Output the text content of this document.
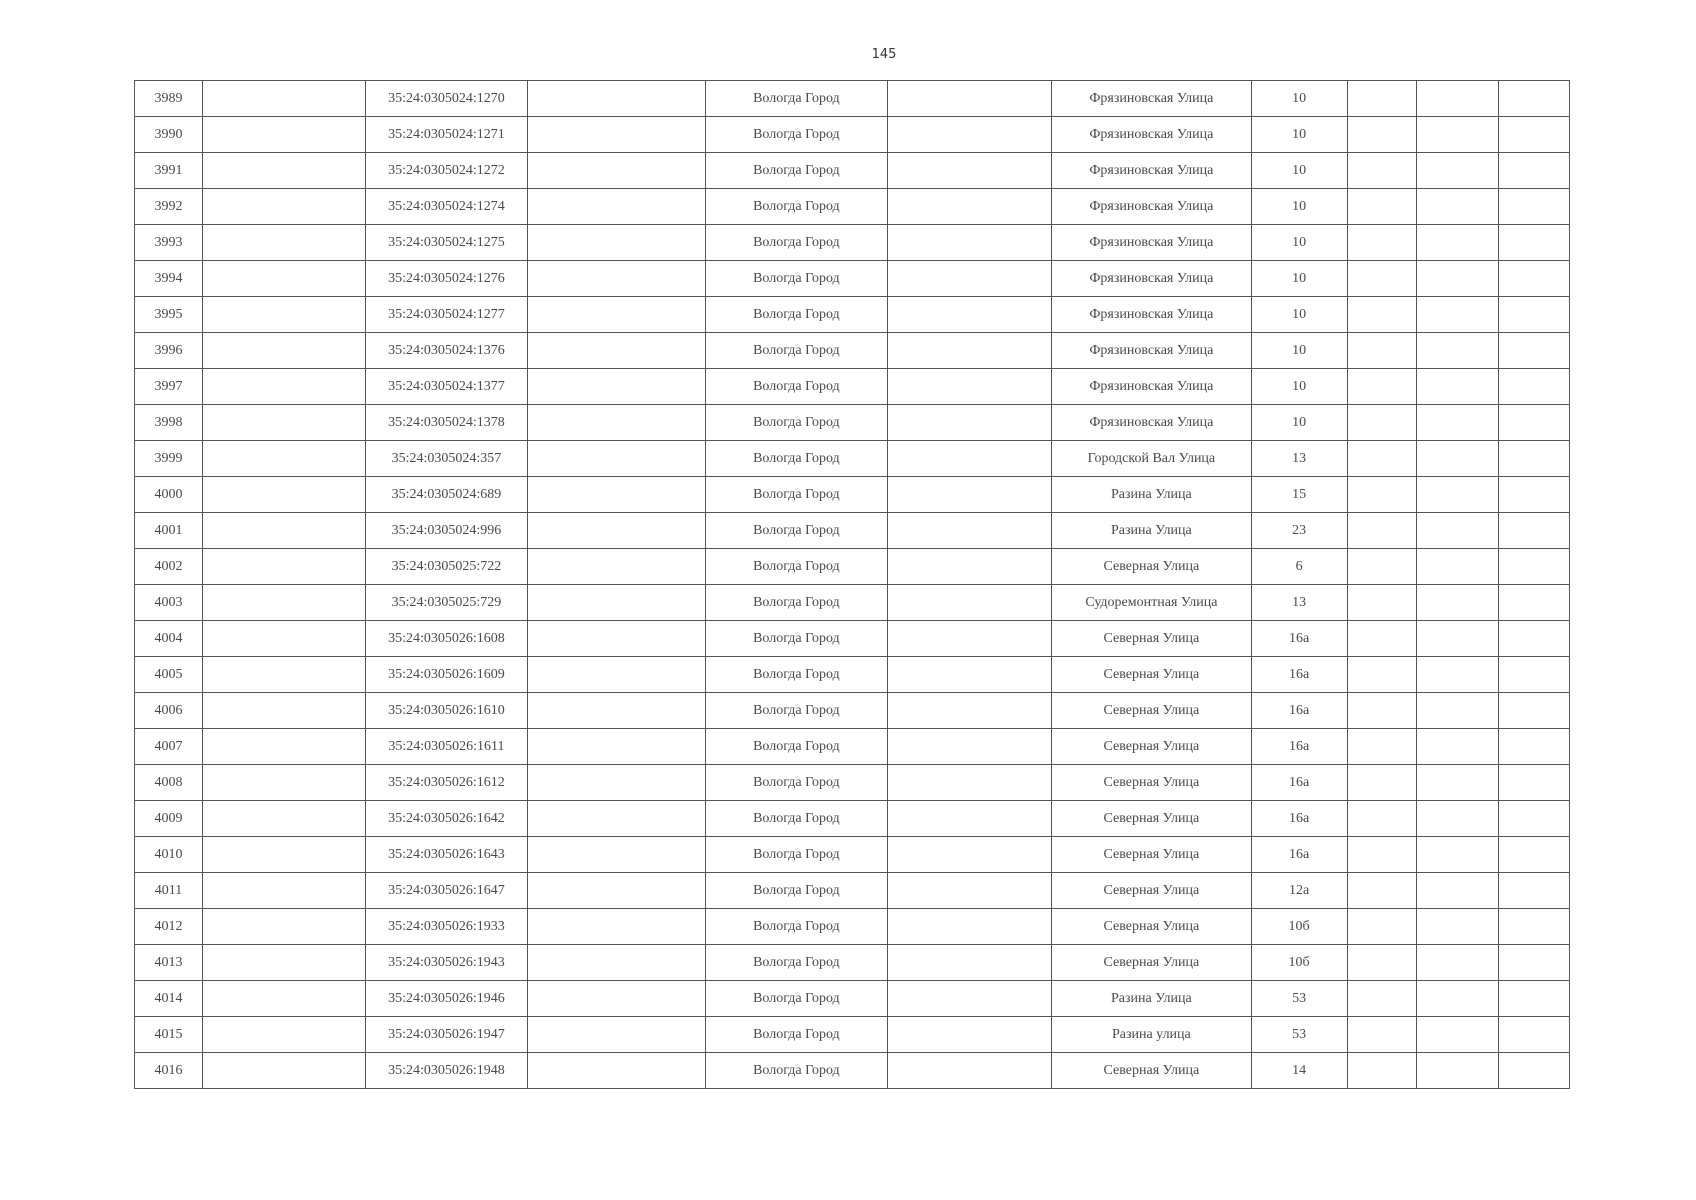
145
3989		35:24:0305024:1270		Вологда Город		Фрязиновская Улица	10			
3990		35:24:0305024:1271		Вологда Город		Фрязиновская Улица	10			
3991		35:24:0305024:1272		Вологда Город		Фрязиновская Улица	10			
3992		35:24:0305024:1274		Вологда Город		Фрязиновская Улица	10			
3993		35:24:0305024:1275		Вологда Город		Фрязиновская Улица	10			
3994		35:24:0305024:1276		Вологда Город		Фрязиновская Улица	10			
3995		35:24:0305024:1277		Вологда Город		Фрязиновская Улица	10			
3996		35:24:0305024:1376		Вологда Город		Фрязиновская Улица	10			
3997		35:24:0305024:1377		Вологда Город		Фрязиновская Улица	10			
3998		35:24:0305024:1378		Вологда Город		Фрязиновская Улица	10			
3999		35:24:0305024:357		Вологда Город		Городской Вал Улица	13			
4000		35:24:0305024:689		Вологда Город		Разина Улица	15			
4001		35:24:0305024:996		Вологда Город		Разина Улица	23			
4002		35:24:0305025:722		Вологда Город		Северная Улица	6			
4003		35:24:0305025:729		Вологда Город		Судоремонтная Улица	13			
4004		35:24:0305026:1608		Вологда Город		Северная Улица	16а			
4005		35:24:0305026:1609		Вологда Город		Северная Улица	16а			
4006		35:24:0305026:1610		Вологда Город		Северная Улица	16а			
4007		35:24:0305026:1611		Вологда Город		Северная Улица	16а			
4008		35:24:0305026:1612		Вологда Город		Северная Улица	16а			
4009		35:24:0305026:1642		Вологда Город		Северная Улица	16а			
4010		35:24:0305026:1643		Вологда Город		Северная Улица	16а			
4011		35:24:0305026:1647		Вологда Город		Северная Улица	12а			
4012		35:24:0305026:1933		Вологда Город		Северная Улица	10б			
4013		35:24:0305026:1943		Вологда Город		Северная Улица	10б			
4014		35:24:0305026:1946		Вологда Город		Разина Улица	53			
4015		35:24:0305026:1947		Вологда Город		Разина улица	53			
4016		35:24:0305026:1948		Вологда Город		Северная Улица	14			
